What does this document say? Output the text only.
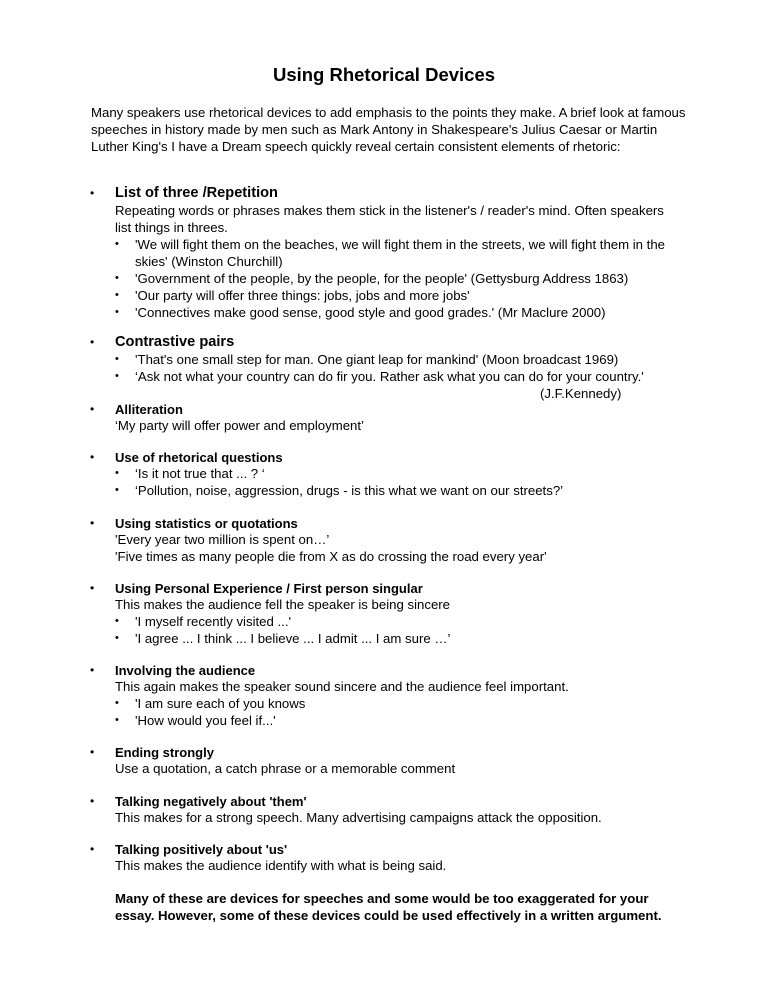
Using Rhetorical Devices

Many speakers use rhetorical devices to add emphasis to the points they make. A brief look at famous speeches in history made by men such as Mark Antony in Shakespeare's Julius Caesar or Martin Luther King's I have a Dream speech quickly reveal certain consistent elements of rhetoric:

• List of three /Repetition

Repeating words or phrases makes them stick in the listener's / reader's mind. Often speakers list things in threes.

• 'We will fight them on the beaches, we will fight them in the streets, we will fight them in the skies' (Winston Churchill)
• 'Government of the people, by the people, for the people' (Gettysburg Address 1863)
• 'Our party will offer three things: jobs, jobs and more jobs'
• 'Connectives make good sense, good style and good grades.' (Mr Maclure 2000)
• Contrastive pairs

• 'That's one small step for man. One giant leap for mankind' (Moon broadcast 1969)
• ‘Ask not what your country can do fir you. Rather ask what you can do for your country.'

(J.F.Kennedy)

• Alliteration

‘My party will offer power and employment’

• Use of rhetorical questions

• ‘Is it not true that ... ? ‘
• ‘Pollution, noise, aggression, drugs - is this what we want on our streets?’
• Using statistics or quotations

'Every year two million is spent on…’

'Five times as many people die from X as do crossing the road every year'

• Using Personal Experience / First person singular

This makes the audience fell the speaker is being sincere

• 'I myself recently visited ...'
• 'I agree ... I think ... I believe ... I admit ... I am sure …’
• Involving the audience

This again makes the speaker sound sincere and the audience feel important.

• 'I am sure each of you knows
• 'How would you feel if...'
• Ending strongly

Use a quotation, a catch phrase or a memorable comment

• Talking negatively about 'them'

This makes for a strong speech. Many advertising campaigns attack the opposition.

• Talking positively about 'us'

This makes the audience identify with what is being said.

Many of these are devices for speeches and some would be too exaggerated for your essay. However, some of these devices could be used effectively in a written argument.
